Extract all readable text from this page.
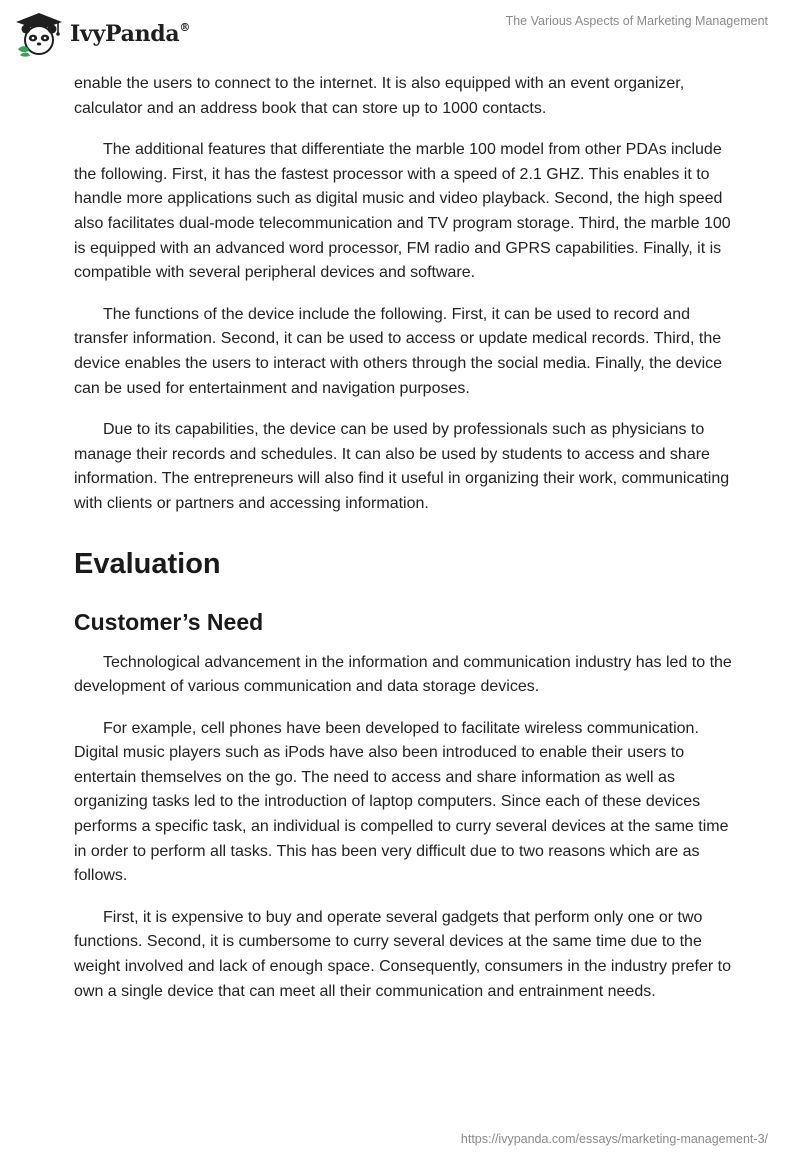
IvyPanda®	The Various Aspects of Marketing Management

enable the users to connect to the internet. It is also equipped with an event organizer, calculator and an address book that can store up to 1000 contacts.

The additional features that differentiate the marble 100 model from other PDAs include the following. First, it has the fastest processor with a speed of 2.1 GHZ. This enables it to handle more applications such as digital music and video playback. Second, the high speed also facilitates dual-mode telecommunication and TV program storage. Third, the marble 100 is equipped with an advanced word processor, FM radio and GPRS capabilities. Finally, it is compatible with several peripheral devices and software.

The functions of the device include the following. First, it can be used to record and transfer information. Second, it can be used to access or update medical records. Third, the device enables the users to interact with others through the social media. Finally, the device can be used for entertainment and navigation purposes.

Due to its capabilities, the device can be used by professionals such as physicians to manage their records and schedules. It can also be used by students to access and share information. The entrepreneurs will also find it useful in organizing their work, communicating with clients or partners and accessing information.

Evaluation
Customer’s Need

Technological advancement in the information and communication industry has led to the development of various communication and data storage devices.

For example, cell phones have been developed to facilitate wireless communication. Digital music players such as iPods have also been introduced to enable their users to entertain themselves on the go. The need to access and share information as well as organizing tasks led to the introduction of laptop computers. Since each of these devices performs a specific task, an individual is compelled to curry several devices at the same time in order to perform all tasks. This has been very difficult due to two reasons which are as follows.

First, it is expensive to buy and operate several gadgets that perform only one or two functions. Second, it is cumbersome to curry several devices at the same time due to the weight involved and lack of enough space. Consequently, consumers in the industry prefer to own a single device that can meet all their communication and entrainment needs.

https://ivypanda.com/essays/marketing-management-3/
